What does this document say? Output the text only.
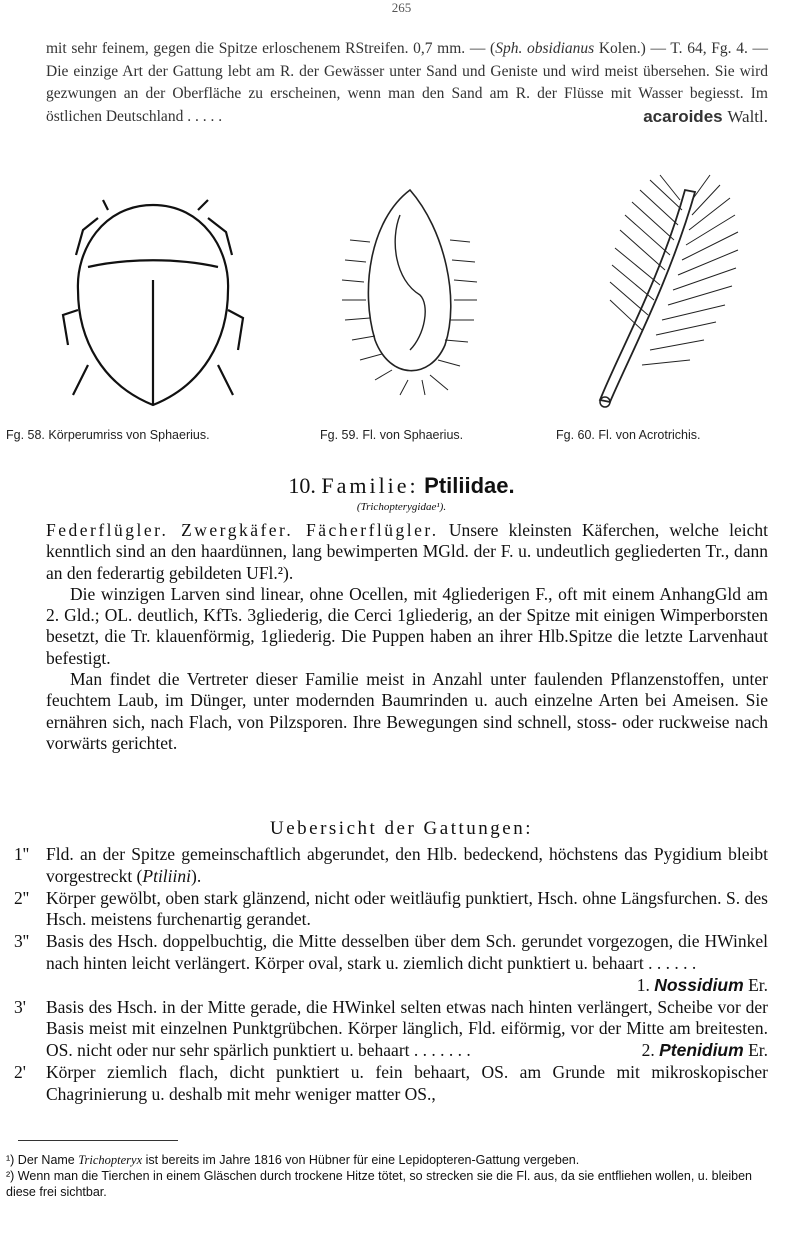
265
mit sehr feinem, gegen die Spitze erloschenem RStreifen. 0,7 mm. — (Sph. obsidianus Kolen.) — T. 64, Fg. 4. — Die einzige Art der Gattung lebt am R. der Gewässer unter Sand und Geniste und wird meist übersehen. Sie wird gezwungen an der Oberfläche zu erscheinen, wenn man den Sand am R. der Flüsse mit Wasser begiesst. Im östlichen Deutschland . . . . .	acaroides Waltl.
Fg. 58. Körperumriss von Sphaerius.	Fg. 59. Fl. von Sphaerius.	Fg. 60. Fl. von Acrotrichis.
10. Familie: Ptiliidae.
(Trichopterygidae¹).

Federflügler. Zwergkäfer. Fächerflügler. Unsere kleinsten Käferchen, welche leicht kenntlich sind an den haardünnen, lang bewimperten MGld. der F. u. undeutlich gegliederten Tr., dann an den federartig gebildeten UFl.²).

Die winzigen Larven sind linear, ohne Ocellen, mit 4gliederigen F., oft mit einem AnhangGld am 2. Gld.; OL. deutlich, KfTs. 3gliederig, die Cerci 1gliederig, an der Spitze mit einigen Wimperborsten besetzt, die Tr. klauenförmig, 1gliederig. Die Puppen haben an ihrer Hlb.Spitze die letzte Larvenhaut befestigt.

Man findet die Vertreter dieser Familie meist in Anzahl unter faulenden Pflanzenstoffen, unter feuchtem Laub, im Dünger, unter modernden Baumrinden u. auch einzelne Arten bei Ameisen. Sie ernähren sich, nach Flach, von Pilzsporen. Ihre Bewegungen sind schnell, stoss- oder ruckweise nach vorwärts gerichtet.

Uebersicht der Gattungen:
1'' Fld. an der Spitze gemeinschaftlich abgerundet, den Hlb. bedeckend, höchstens das Pygidium bleibt vorgestreckt (Ptiliini).
2'' Körper gewölbt, oben stark glänzend, nicht oder weitläufig punktiert, Hsch. ohne Längsfurchen. S. des Hsch. meistens furchenartig gerandet.
3'' Basis des Hsch. doppelbuchtig, die Mitte desselben über dem Sch. gerundet vorgezogen, die HWinkel nach hinten leicht verlängert. Körper oval, stark u. ziemlich dicht punktiert u. behaart . . . . . .
1. Nossidium Er.
3'	Basis des Hsch. in der Mitte gerade, die HWinkel selten etwas nach hinten verlängert, Scheibe vor der Basis meist mit einzelnen Punktgrübchen. Körper länglich, Fld. eiförmig, vor der Mitte am breitesten. OS. nicht oder nur sehr spärlich punktiert u. behaart . . . . . . .	2. Ptenidium Er.
2'	Körper ziemlich flach, dicht punktiert u. fein behaart, OS. am Grunde mit mikroskopischer Chagrinierung u. deshalb mit mehr weniger matter OS.,
¹) Der Name Trichopteryx ist bereits im Jahre 1816 von Hübner für eine Lepidopteren-Gattung vergeben.
²) Wenn man die Tierchen in einem Gläschen durch trockene Hitze tötet, so strecken sie die Fl. aus, da sie entfliehen wollen, u. bleiben diese frei sichtbar.
